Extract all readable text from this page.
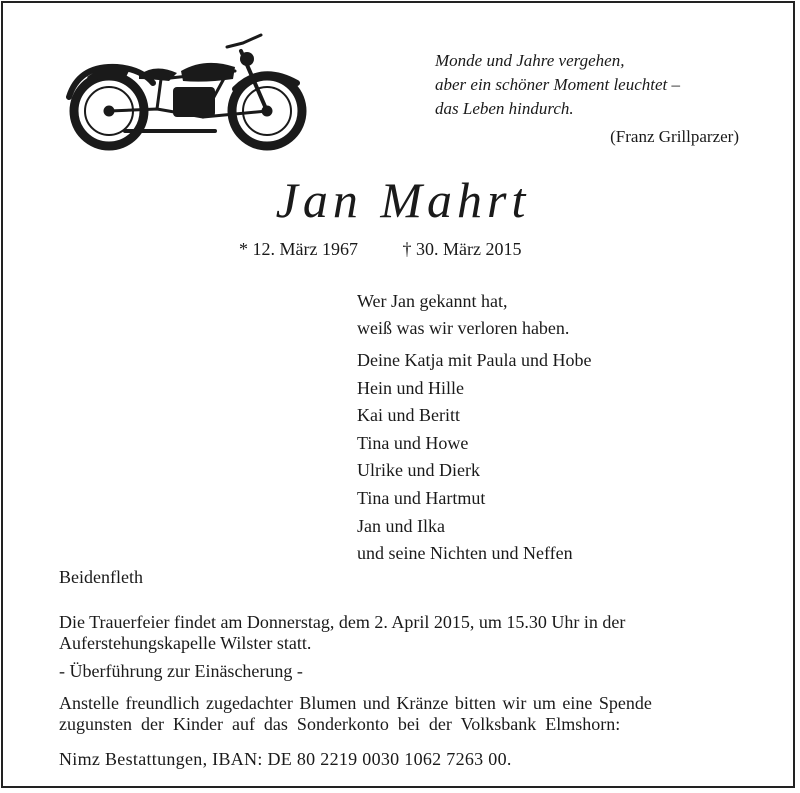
Monde und Jahre vergehen,
aber ein schöner Moment leuchtet –
das Leben hindurch.
(Franz Grillparzer)
Jan Mahrt
* 12. März 1967 † 30. März 2015
Wer Jan gekannt hat,
weiß was wir verloren haben.
Deine Katja mit Paula und Hobe
Hein und Hille
Kai und Beritt
Tina und Howe
Ulrike und Dierk
Tina und Hartmut
Jan und Ilka
und seine Nichten und Neffen
Beidenfleth
Die Trauerfeier findet am Donnerstag, dem 2. April 2015, um 15.30 Uhr in der
Auferstehungskapelle Wilster statt.
- Überführung zur Einäscherung -
Anstelle freundlich zugedachter Blumen und Kränze bitten wir um eine Spende
zugunsten der Kinder auf das Sonderkonto bei der Volksbank Elmshorn:
Nimz Bestattungen, IBAN: DE 80 2219 0030 1062 7263 00.
